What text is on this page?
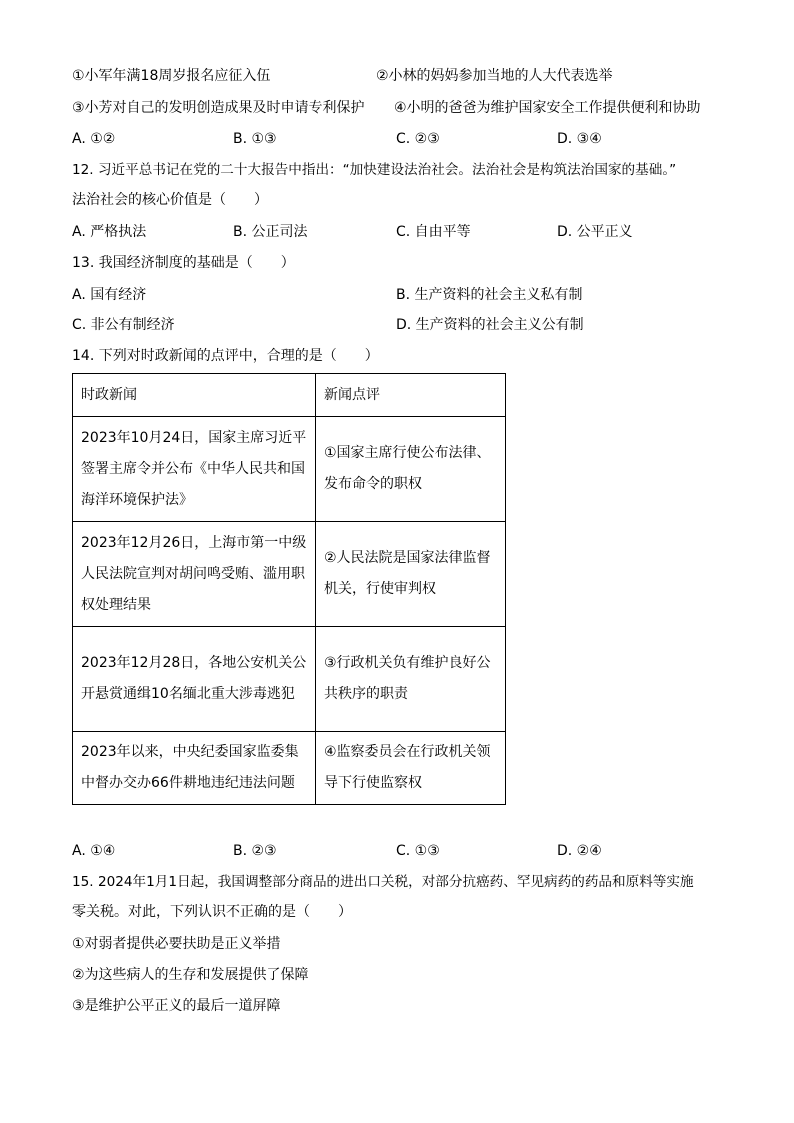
①小军年满18周岁报名应征入伍	②小林的妈妈参加当地的人大代表选举
③小芳对自己的发明创造成果及时申请专利保护 ④小明的爸爸为维护国家安全工作提供便利和协助
A. ①②	B. ①③	C. ②③	D. ③④
12. 习近平总书记在党的二十大报告中指出：“加快建设法治社会。法治社会是构筑法治国家的基础。”
法治社会的核心价值是（　　）
A. 严格执法	B. 公正司法	C. 自由平等	D. 公平正义
13. 我国经济制度的基础是（　　）
A. 国有经济	B. 生产资料的社会主义私有制
C. 非公有制经济	D. 生产资料的社会主义公有制
14. 下列对时政新闻的点评中，合理的是（　　）
时政新闻	新闻点评
2023年10月24日，国家主席习近平签署主席令并公布《中华人民共和国海洋环境保护法》	①国家主席行使公布法律、发布命令的职权
2023年12月26日，上海市第一中级人民法院宣判对胡问鸣受贿、滥用职权处理结果	②人民法院是国家法律监督机关，行使审判权
2023年12月28日，各地公安机关公开悬赏通缉10名缅北重大涉毒逃犯	③行政机关负有维护良好公共秩序的职责
2023年以来，中央纪委国家监委集中督办交办66件耕地违纪违法问题	④监察委员会在行政机关领导下行使监察权
A. ①④	B. ②③	C. ①③	D. ②④
15. 2024年1月1日起，我国调整部分商品的进出口关税，对部分抗癌药、罕见病药的药品和原料等实施
零关税。对此，下列认识不正确的是（　　）
①对弱者提供必要扶助是正义举措
②为这些病人的生存和发展提供了保障
③是维护公平正义的最后一道屏障
